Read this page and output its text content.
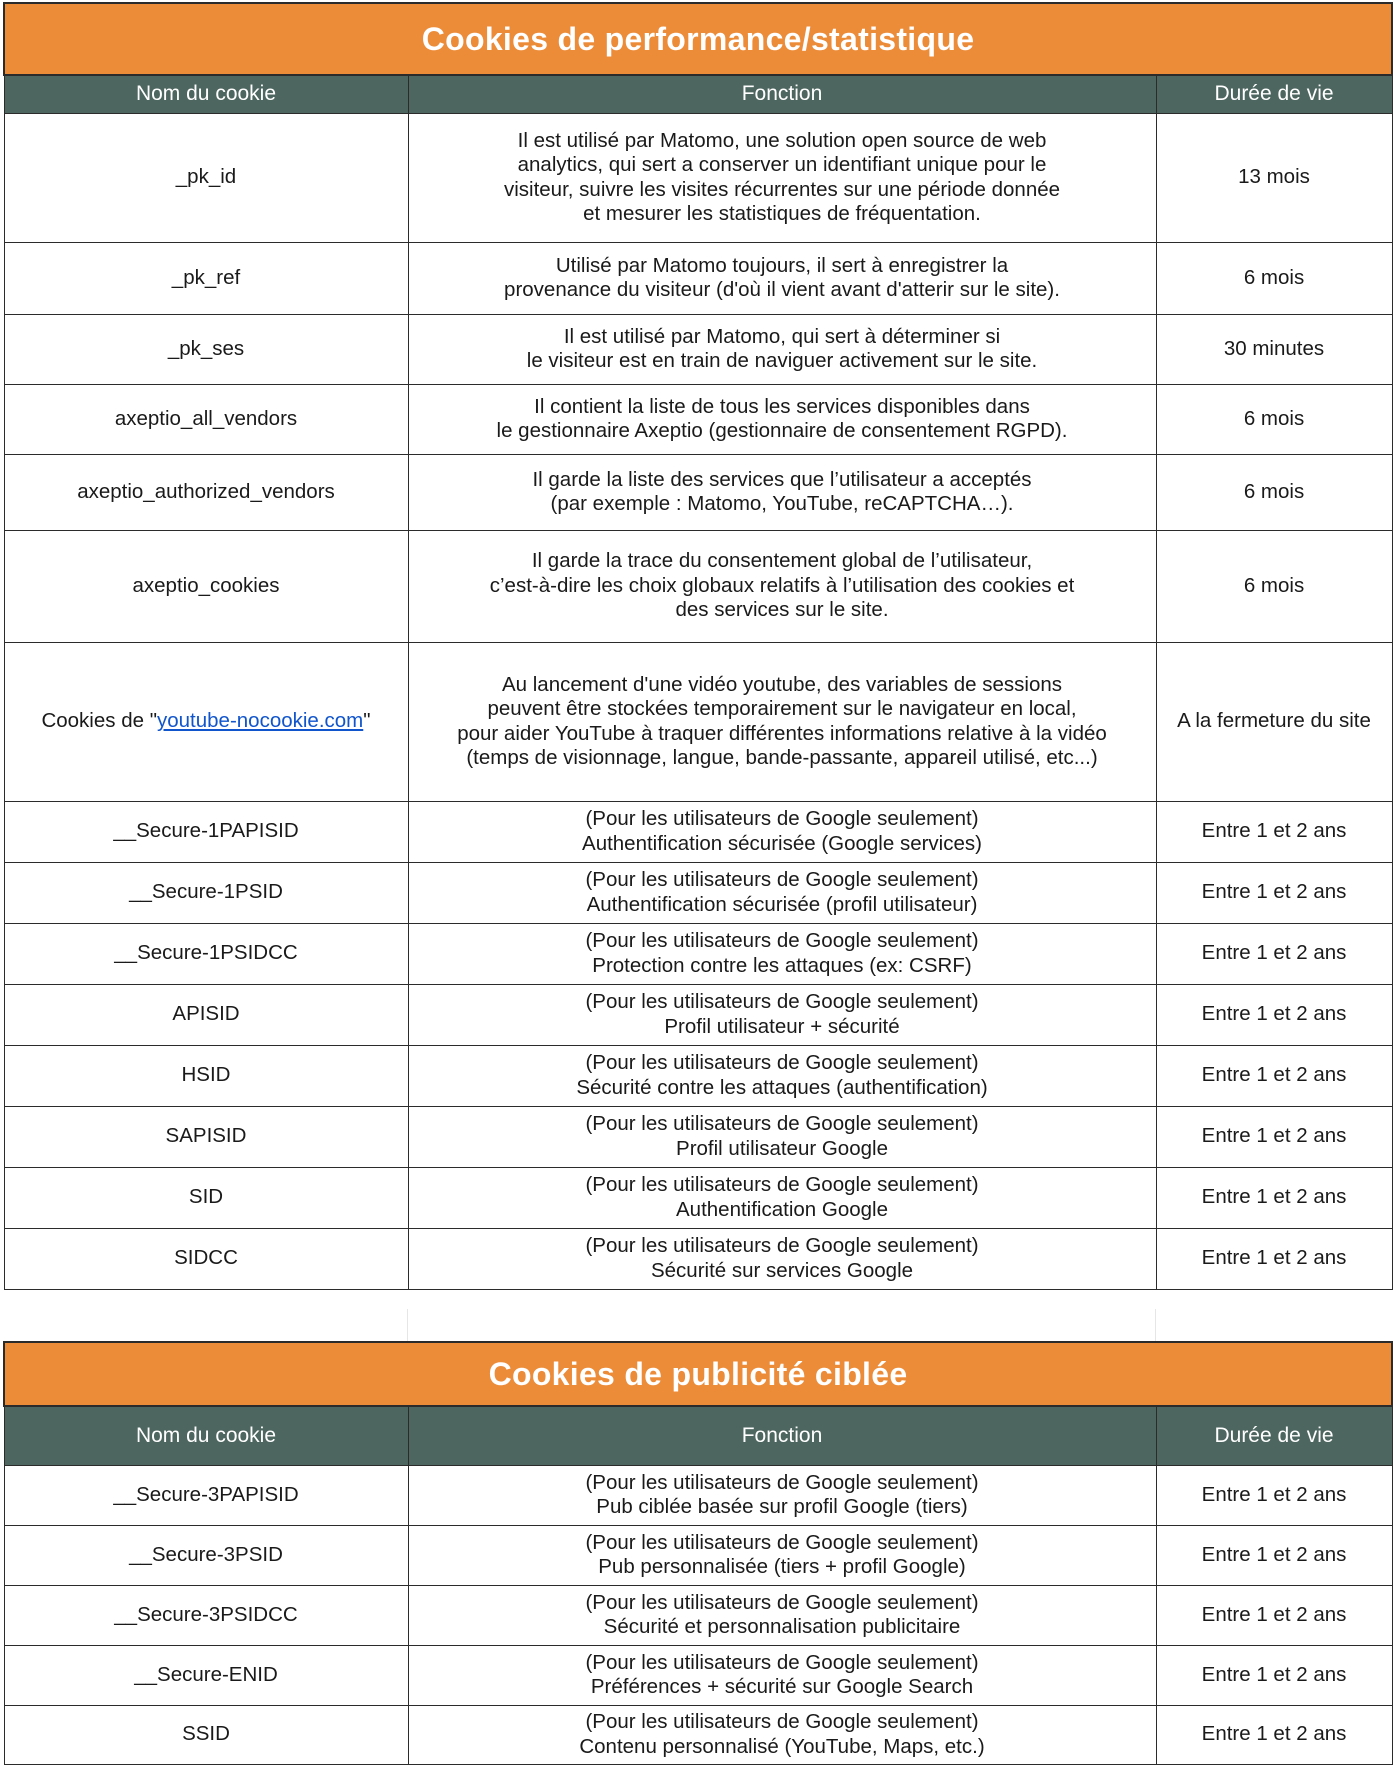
Cookies de performance/statistique		
Nom du cookie	Fonction	Durée de vie
_pk_id	Il est utilisé par Matomo, une solution open source de web
analytics, qui sert a conserver un identifiant unique pour le
visiteur, suivre les visites récurrentes sur une période donnée
et mesurer les statistiques de fréquentation.	13 mois
_pk_ref	Utilisé par Matomo toujours, il sert à enregistrer la
provenance du visiteur (d'où il vient avant d'atterir sur le site).	6 mois
_pk_ses	Il est utilisé par Matomo, qui sert à déterminer si
le visiteur est en train de naviguer activement sur le site.	30 minutes
axeptio_all_vendors	Il contient la liste de tous les services disponibles dans
le gestionnaire Axeptio (gestionnaire de consentement RGPD).	6 mois
axeptio_authorized_vendors	Il garde la liste des services que l’utilisateur a acceptés
(par exemple : Matomo, YouTube, reCAPTCHA…).	6 mois
axeptio_cookies	Il garde la trace du consentement global de l’utilisateur,
c’est-à-dire les choix globaux relatifs à l’utilisation des cookies et
des services sur le site.	6 mois
Cookies de "youtube-nocookie.com"	Au lancement d'une vidéo youtube, des variables de sessions
peuvent être stockées temporairement sur le navigateur en local,
pour aider YouTube à traquer différentes informations relative à la vidéo
(temps de visionnage, langue, bande-passante, appareil utilisé, etc...)	A la fermeture du site
__Secure-1PAPISID	(Pour les utilisateurs de Google seulement)
Authentification sécurisée (Google services)	Entre 1 et 2 ans
__Secure-1PSID	(Pour les utilisateurs de Google seulement)
Authentification sécurisée (profil utilisateur)	Entre 1 et 2 ans
__Secure-1PSIDCC	(Pour les utilisateurs de Google seulement)
Protection contre les attaques (ex: CSRF)	Entre 1 et 2 ans
APISID	(Pour les utilisateurs de Google seulement)
Profil utilisateur + sécurité	Entre 1 et 2 ans
HSID	(Pour les utilisateurs de Google seulement)
Sécurité contre les attaques (authentification)	Entre 1 et 2 ans
SAPISID	(Pour les utilisateurs de Google seulement)
Profil utilisateur Google	Entre 1 et 2 ans
SID	(Pour les utilisateurs de Google seulement)
Authentification Google	Entre 1 et 2 ans
SIDCC	(Pour les utilisateurs de Google seulement)
Sécurité sur services Google	Entre 1 et 2 ans
Cookies de publicité ciblée		
Nom du cookie	Fonction	Durée de vie
__Secure-3PAPISID	(Pour les utilisateurs de Google seulement)
Pub ciblée basée sur profil Google (tiers)	Entre 1 et 2 ans
__Secure-3PSID	(Pour les utilisateurs de Google seulement)
Pub personnalisée (tiers + profil Google)	Entre 1 et 2 ans
__Secure-3PSIDCC	(Pour les utilisateurs de Google seulement)
Sécurité et personnalisation publicitaire	Entre 1 et 2 ans
__Secure-ENID	(Pour les utilisateurs de Google seulement)
Préférences + sécurité sur Google Search	Entre 1 et 2 ans
SSID	(Pour les utilisateurs de Google seulement)
Contenu personnalisé (YouTube, Maps, etc.)	Entre 1 et 2 ans
